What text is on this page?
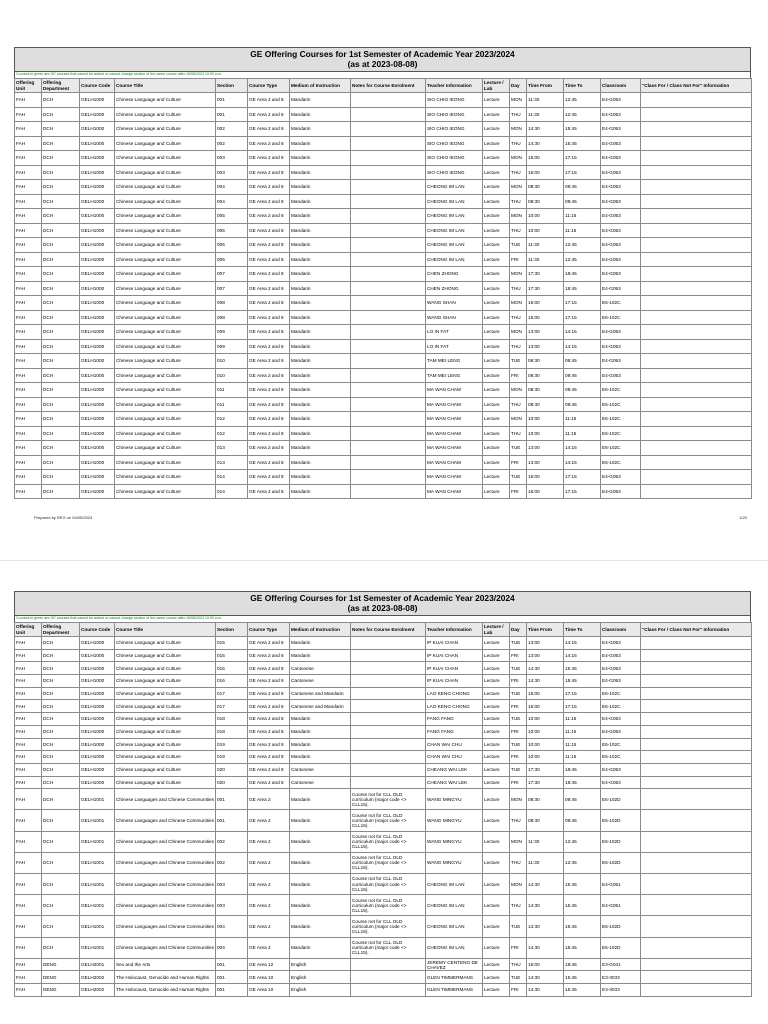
GE Offering Courses for 1st Semester of Academic Year 2023/2024
(as at 2023-08-08)
Courses in green are GE courses that cannot be added or cannot change section of the same course after 16/08/2023 10:00 a.m.
Offering Unit	Offering Department	Course Code	Course Title	Section	Course Type	Medium of Instruction	Notes for Course Enrolment	Teacher Information	Lecture / Lab	Day	Time From	Time To	Classroom	"Class For / Class Not For" Information
FAH	DCH	GELH1000	Chinese Language and Culture	001	GE Area 2 and 8	Mandarin		SIO CHIO IEONG	Lecture	MON	11:30	12:45	E4-G053	
FAH	DCH	GELH1000	Chinese Language and Culture	001	GE Area 2 and 8	Mandarin		SIO CHIO IEONG	Lecture	THU	11:30	12:45	E4-G053	
FAH	DCH	GELH1000	Chinese Language and Culture	002	GE Area 2 and 8	Mandarin		SIO CHIO IEONG	Lecture	MON	14:30	15:45	E4-G053	
FAH	DCH	GELH1000	Chinese Language and Culture	002	GE Area 2 and 8	Mandarin		SIO CHIO IEONG	Lecture	THU	14:30	15:45	E4-G053	
FAH	DCH	GELH1000	Chinese Language and Culture	003	GE Area 2 and 8	Mandarin		SIO CHIO IEONG	Lecture	MON	16:00	17:15	E4-G053	
FAH	DCH	GELH1000	Chinese Language and Culture	003	GE Area 2 and 8	Mandarin		SIO CHIO IEONG	Lecture	THU	16:00	17:15	E4-G053	
FAH	DCH	GELH1000	Chinese Language and Culture	004	GE Area 2 and 8	Mandarin		CHEONG IM LAN	Lecture	MON	08:30	09:45	E4-G053	
FAH	DCH	GELH1000	Chinese Language and Culture	004	GE Area 2 and 8	Mandarin		CHEONG IM LAN	Lecture	THU	08:30	09:45	E4-G053	
FAH	DCH	GELH1000	Chinese Language and Culture	005	GE Area 2 and 8	Mandarin		CHEONG IM LAN	Lecture	MON	10:00	11:15	E4-G053	
FAH	DCH	GELH1000	Chinese Language and Culture	005	GE Area 2 and 8	Mandarin		CHEONG IM LAN	Lecture	THU	10:00	11:15	E4-G053	
FAH	DCH	GELH1000	Chinese Language and Culture	006	GE Area 2 and 8	Mandarin		CHEONG IM LAN	Lecture	TUE	11:30	12:45	E4-G053	
FAH	DCH	GELH1000	Chinese Language and Culture	006	GE Area 2 and 8	Mandarin		CHEONG IM LAN	Lecture	FRI	11:30	12:45	E4-G053	
FAH	DCH	GELH1000	Chinese Language and Culture	007	GE Area 2 and 8	Mandarin		CHEN ZHONG	Lecture	MON	17:30	18:45	E4-G053	
FAH	DCH	GELH1000	Chinese Language and Culture	007	GE Area 2 and 8	Mandarin		CHEN ZHONG	Lecture	THU	17:30	18:45	E4-G053	
FAH	DCH	GELH1000	Chinese Language and Culture	008	GE Area 2 and 8	Mandarin		WANG SHAN	Lecture	MON	16:00	17:15	E6-102C	
FAH	DCH	GELH1000	Chinese Language and Culture	008	GE Area 2 and 8	Mandarin		WANG SHAN	Lecture	THU	16:00	17:15	E6-102C	
FAH	DCH	GELH1000	Chinese Language and Culture	009	GE Area 2 and 8	Mandarin		LO IN FAT	Lecture	MON	13:00	14:15	E4-G053	
FAH	DCH	GELH1000	Chinese Language and Culture	009	GE Area 2 and 8	Mandarin		LO IN FAT	Lecture	THU	13:00	14:15	E4-G053	
FAH	DCH	GELH1000	Chinese Language and Culture	010	GE Area 2 and 8	Mandarin		TAM MEI LENG	Lecture	TUE	08:30	09:45	E4-G053	
FAH	DCH	GELH1000	Chinese Language and Culture	010	GE Area 2 and 8	Mandarin		TAM MEI LENG	Lecture	FRI	08:30	09:45	E4-G053	
FAH	DCH	GELH1000	Chinese Language and Culture	011	GE Area 2 and 8	Mandarin		MA WAN CHAM	Lecture	MON	08:30	09:45	E6-102C	
FAH	DCH	GELH1000	Chinese Language and Culture	011	GE Area 2 and 8	Mandarin		MA WAN CHAM	Lecture	THU	08:30	09:45	E6-102C	
FAH	DCH	GELH1000	Chinese Language and Culture	012	GE Area 2 and 8	Mandarin		MA WAN CHAM	Lecture	MON	10:00	11:15	E6-102C	
FAH	DCH	GELH1000	Chinese Language and Culture	012	GE Area 2 and 8	Mandarin		MA WAN CHAM	Lecture	THU	10:00	11:15	E6-102C	
FAH	DCH	GELH1000	Chinese Language and Culture	013	GE Area 2 and 8	Mandarin		MA WAN CHAM	Lecture	TUE	13:00	14:15	E6-102C	
FAH	DCH	GELH1000	Chinese Language and Culture	013	GE Area 2 and 8	Mandarin		MA WAN CHAM	Lecture	FRI	13:00	14:15	E6-102C	
FAH	DCH	GELH1000	Chinese Language and Culture	014	GE Area 2 and 8	Mandarin		MA WAN CHAM	Lecture	TUE	16:00	17:15	E4-G053	
FAH	DCH	GELH1000	Chinese Language and Culture	014	GE Area 2 and 8	Mandarin		MA WAN CHAM	Lecture	FRI	16:00	17:15	E4-G053	
Prepared by REG on 04/05/2024	1/20
GE Offering Courses for 1st Semester of Academic Year 2023/2024
(as at 2023-08-08)
Courses in green are GE courses that cannot be added or cannot change section of the same course after 16/08/2023 10:00 a.m.
Offering Unit	Offering Department	Course Code	Course Title	Section	Course Type	Medium of Instruction	Notes for Course Enrolment	Teacher Information	Lecture / Lab	Day	Time From	Time To	Classroom	"Class For / Class Not For" Information
FAH	DCH	GELH1000	Chinese Language and Culture	015	GE Area 2 and 8	Mandarin		IP KUAI CHAN	Lecture	TUE	13:00	14:15	E4-G053	
FAH	DCH	GELH1000	Chinese Language and Culture	015	GE Area 2 and 8	Mandarin		IP KUAI CHAN	Lecture	FRI	13:00	14:15	E4-G053	
FAH	DCH	GELH1000	Chinese Language and Culture	016	GE Area 2 and 8	Cantonese		IP KUAI CHAN	Lecture	TUE	14:30	15:45	E4-G053	
FAH	DCH	GELH1000	Chinese Language and Culture	016	GE Area 2 and 8	Cantonese		IP KUAI CHAN	Lecture	FRI	14:30	15:45	E4-G053	
FAH	DCH	GELH1000	Chinese Language and Culture	017	GE Area 2 and 8	Cantonese and Mandarin		LAO KENG CHONG	Lecture	TUE	16:00	17:15	E6-102C	
FAH	DCH	GELH1000	Chinese Language and Culture	017	GE Area 2 and 8	Cantonese and Mandarin		LAO KENG CHONG	Lecture	FRI	16:00	17:15	E6-102C	
FAH	DCH	GELH1000	Chinese Language and Culture	018	GE Area 2 and 8	Mandarin		FANG FANG	Lecture	TUE	10:00	11:15	E4-G053	
FAH	DCH	GELH1000	Chinese Language and Culture	018	GE Area 2 and 8	Mandarin		FANG FANG	Lecture	FRI	10:00	11:15	E4-G053	
FAH	DCH	GELH1000	Chinese Language and Culture	019	GE Area 2 and 8	Mandarin		CHAN WAI CHU	Lecture	TUE	10:00	11:15	E6-102C	
FAH	DCH	GELH1000	Chinese Language and Culture	019	GE Area 2 and 8	Mandarin		CHAN WAI CHU	Lecture	FRI	10:00	11:15	E6-102C	
FAH	DCH	GELH1000	Chinese Language and Culture	020	GE Area 2 and 8	Cantonese		CHEANG WAI LEK	Lecture	TUE	17:30	18:45	E4-G053	
FAH	DCH	GELH1000	Chinese Language and Culture	020	GE Area 2 and 8	Cantonese		CHEANG WAI LEK	Lecture	FRI	17:30	18:45	E4-G053	
FAH	DCH	GELH1001	Chinese Languages and Chinese Communities	001	GE Area 2	Mandarin	Course not for CLL OLD curriculum (major code <> CLL15).	WANG MINGYU	Lecture	MON	08:30	09:45	E6-102D	
FAH	DCH	GELH1001	Chinese Languages and Chinese Communities	001	GE Area 2	Mandarin	Course not for CLL OLD curriculum (major code <> CLL15).	WANG MINGYU	Lecture	THU	08:30	09:45	E6-102D	
FAH	DCH	GELH1001	Chinese Languages and Chinese Communities	002	GE Area 2	Mandarin	Course not for CLL OLD curriculum (major code <> CLL15).	WANG MINGYU	Lecture	MON	11:30	12:45	E6-102D	
FAH	DCH	GELH1001	Chinese Languages and Chinese Communities	002	GE Area 2	Mandarin	Course not for CLL OLD curriculum (major code <> CLL15).	WANG MINGYU	Lecture	THU	11:30	12:45	E6-102D	
FAH	DCH	GELH1001	Chinese Languages and Chinese Communities	003	GE Area 2	Mandarin	Course not for CLL OLD curriculum (major code <> CLL15).	CHEONG IM LAN	Lecture	MON	14:30	15:45	E4-G051	
FAH	DCH	GELH1001	Chinese Languages and Chinese Communities	003	GE Area 2	Mandarin	Course not for CLL OLD curriculum (major code <> CLL15).	CHEONG IM LAN	Lecture	THU	14:30	15:45	E4-G051	
FAH	DCH	GELH1001	Chinese Languages and Chinese Communities	004	GE Area 2	Mandarin	Course not for CLL OLD curriculum (major code <> CLL15).	CHEONG IM LAN	Lecture	TUE	14:30	15:45	E6-102D	
FAH	DCH	GELH1001	Chinese Languages and Chinese Communities	004	GE Area 2	Mandarin	Course not for CLL OLD curriculum (major code <> CLL15).	CHEONG IM LAN	Lecture	FRI	14:30	15:45	E6-102D	
FAH	DENG	GELH2001	Sex and the Arts	001	GE Area 12	English		JEREMY CENTENO DE CHAVEZ	Lecture	THU	16:00	18:45	E3-G041	
FAH	DENG	GELH2002	The Holocaust, Genocide and Human Rights	001	GE Area 10	English		GLEN TIMMERMANS	Lecture	TUE	14:30	15:45	E3-3033	
FAH	DENG	GELH2002	The Holocaust, Genocide and Human Rights	001	GE Area 10	English		GLEN TIMMERMANS	Lecture	FRI	14:30	15:45	E3-3033	
